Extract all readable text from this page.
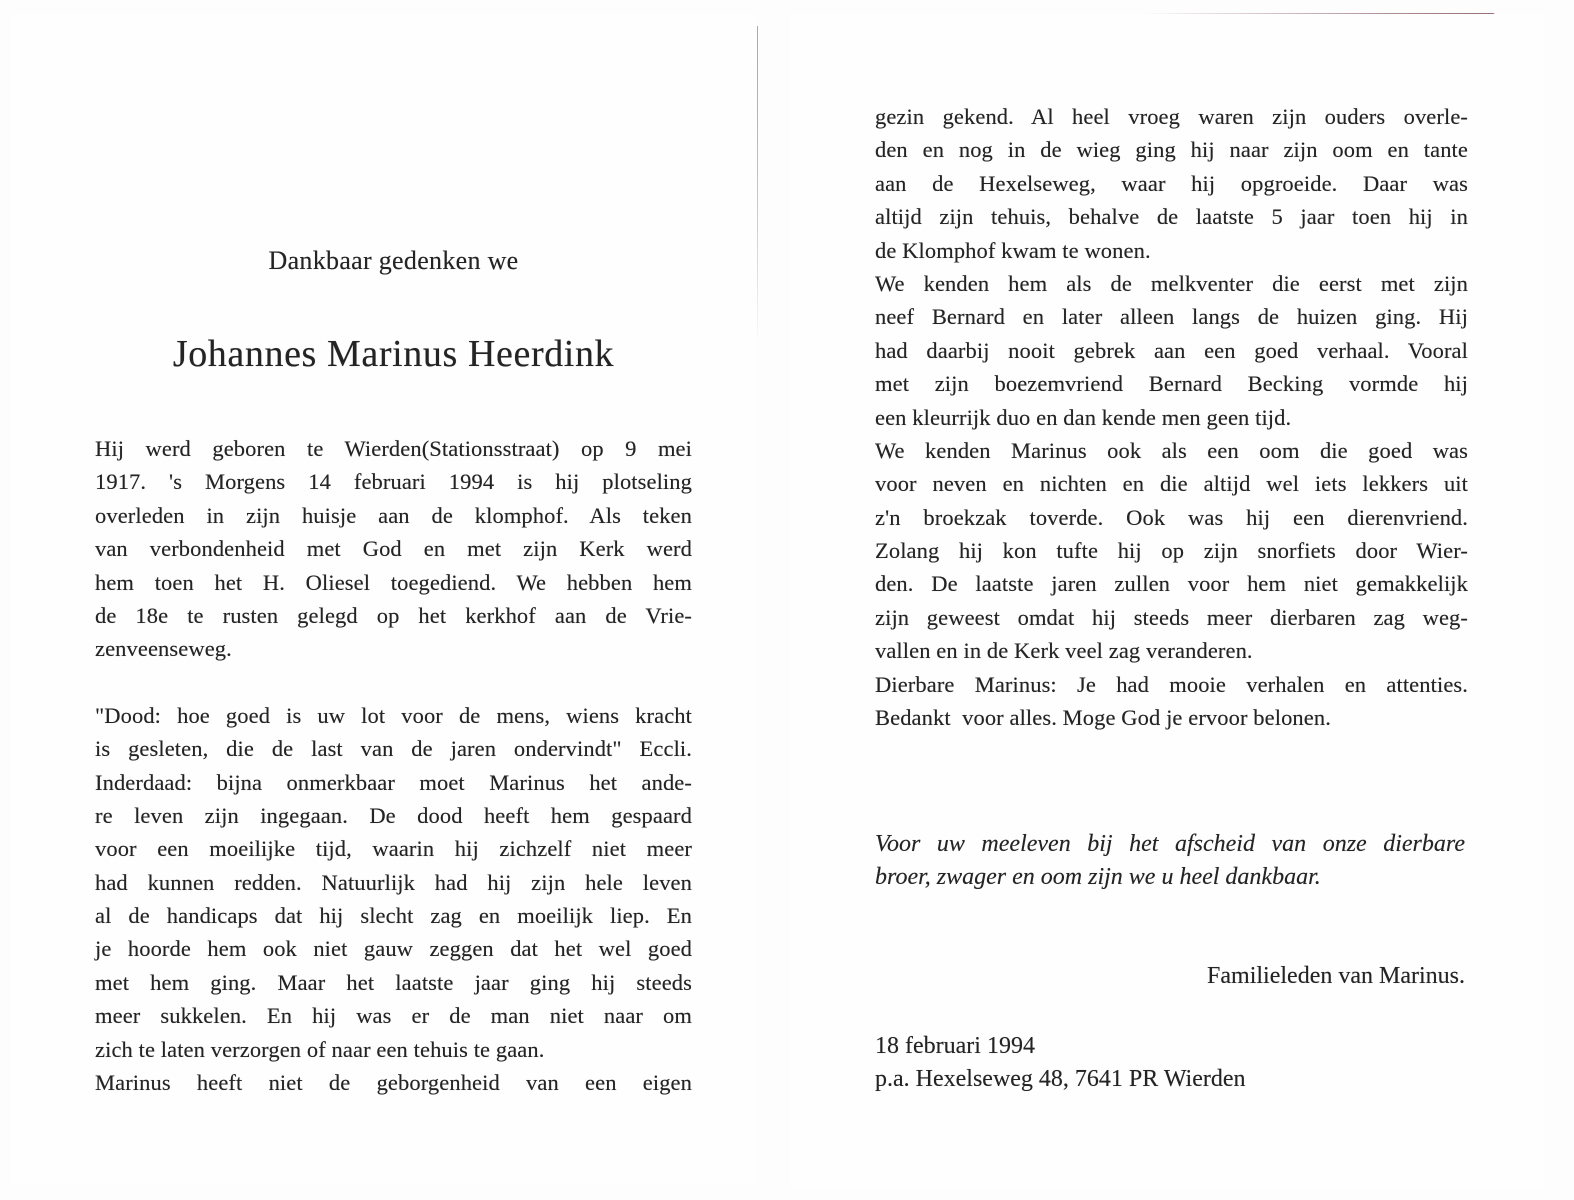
Dankbaar gedenken we
Johannes Marinus Heerdink
Hij werd geboren te Wierden(Stationsstraat) op 9 mei
1917. 's Morgens 14 februari 1994 is hij plotseling
overleden in zijn huisje aan de klomphof. Als teken
van verbondenheid met God en met zijn Kerk werd
hem toen het H. Oliesel toegediend. We hebben hem
de 18e te rusten gelegd op het kerkhof aan de Vrie-
zenveenseweg.
"Dood: hoe goed is uw lot voor de mens, wiens kracht
is gesleten, die de last van de jaren ondervindt" Eccli.
Inderdaad: bijna onmerkbaar moet Marinus het ande-
re leven zijn ingegaan. De dood heeft hem gespaard
voor een moeilijke tijd, waarin hij zichzelf niet meer
had kunnen redden. Natuurlijk had hij zijn hele leven
al de handicaps dat hij slecht zag en moeilijk liep. En
je hoorde hem ook niet gauw zeggen dat het wel goed
met hem ging. Maar het laatste jaar ging hij steeds
meer sukkelen. En hij was er de man niet naar om
zich te laten verzorgen of naar een tehuis te gaan.
Marinus heeft niet de geborgenheid van een eigen
gezin gekend. Al heel vroeg waren zijn ouders overle-
den en nog in de wieg ging hij naar zijn oom en tante
aan de Hexelseweg, waar hij opgroeide. Daar was
altijd zijn tehuis, behalve de laatste 5 jaar toen hij in
de Klomphof kwam te wonen.
We kenden hem als de melkventer die eerst met zijn
neef Bernard en later alleen langs de huizen ging. Hij
had daarbij nooit gebrek aan een goed verhaal. Vooral
met zijn boezemvriend Bernard Becking vormde hij
een kleurrijk duo en dan kende men geen tijd.
We kenden Marinus ook als een oom die goed was
voor neven en nichten en die altijd wel iets lekkers uit
z'n broekzak toverde. Ook was hij een dierenvriend.
Zolang hij kon tufte hij op zijn snorfiets door Wier-
den. De laatste jaren zullen voor hem niet gemakkelijk
zijn geweest omdat hij steeds meer dierbaren zag weg-
vallen en in de Kerk veel zag veranderen.
Dierbare Marinus: Je had mooie verhalen en attenties.
Bedankt  voor alles. Moge God je ervoor belonen.
Voor uw meeleven bij het afscheid van onze dierbare
broer, zwager en oom zijn we u heel dankbaar.
Familieleden van Marinus.
18 februari 1994
p.a. Hexelseweg 48, 7641 PR Wierden
